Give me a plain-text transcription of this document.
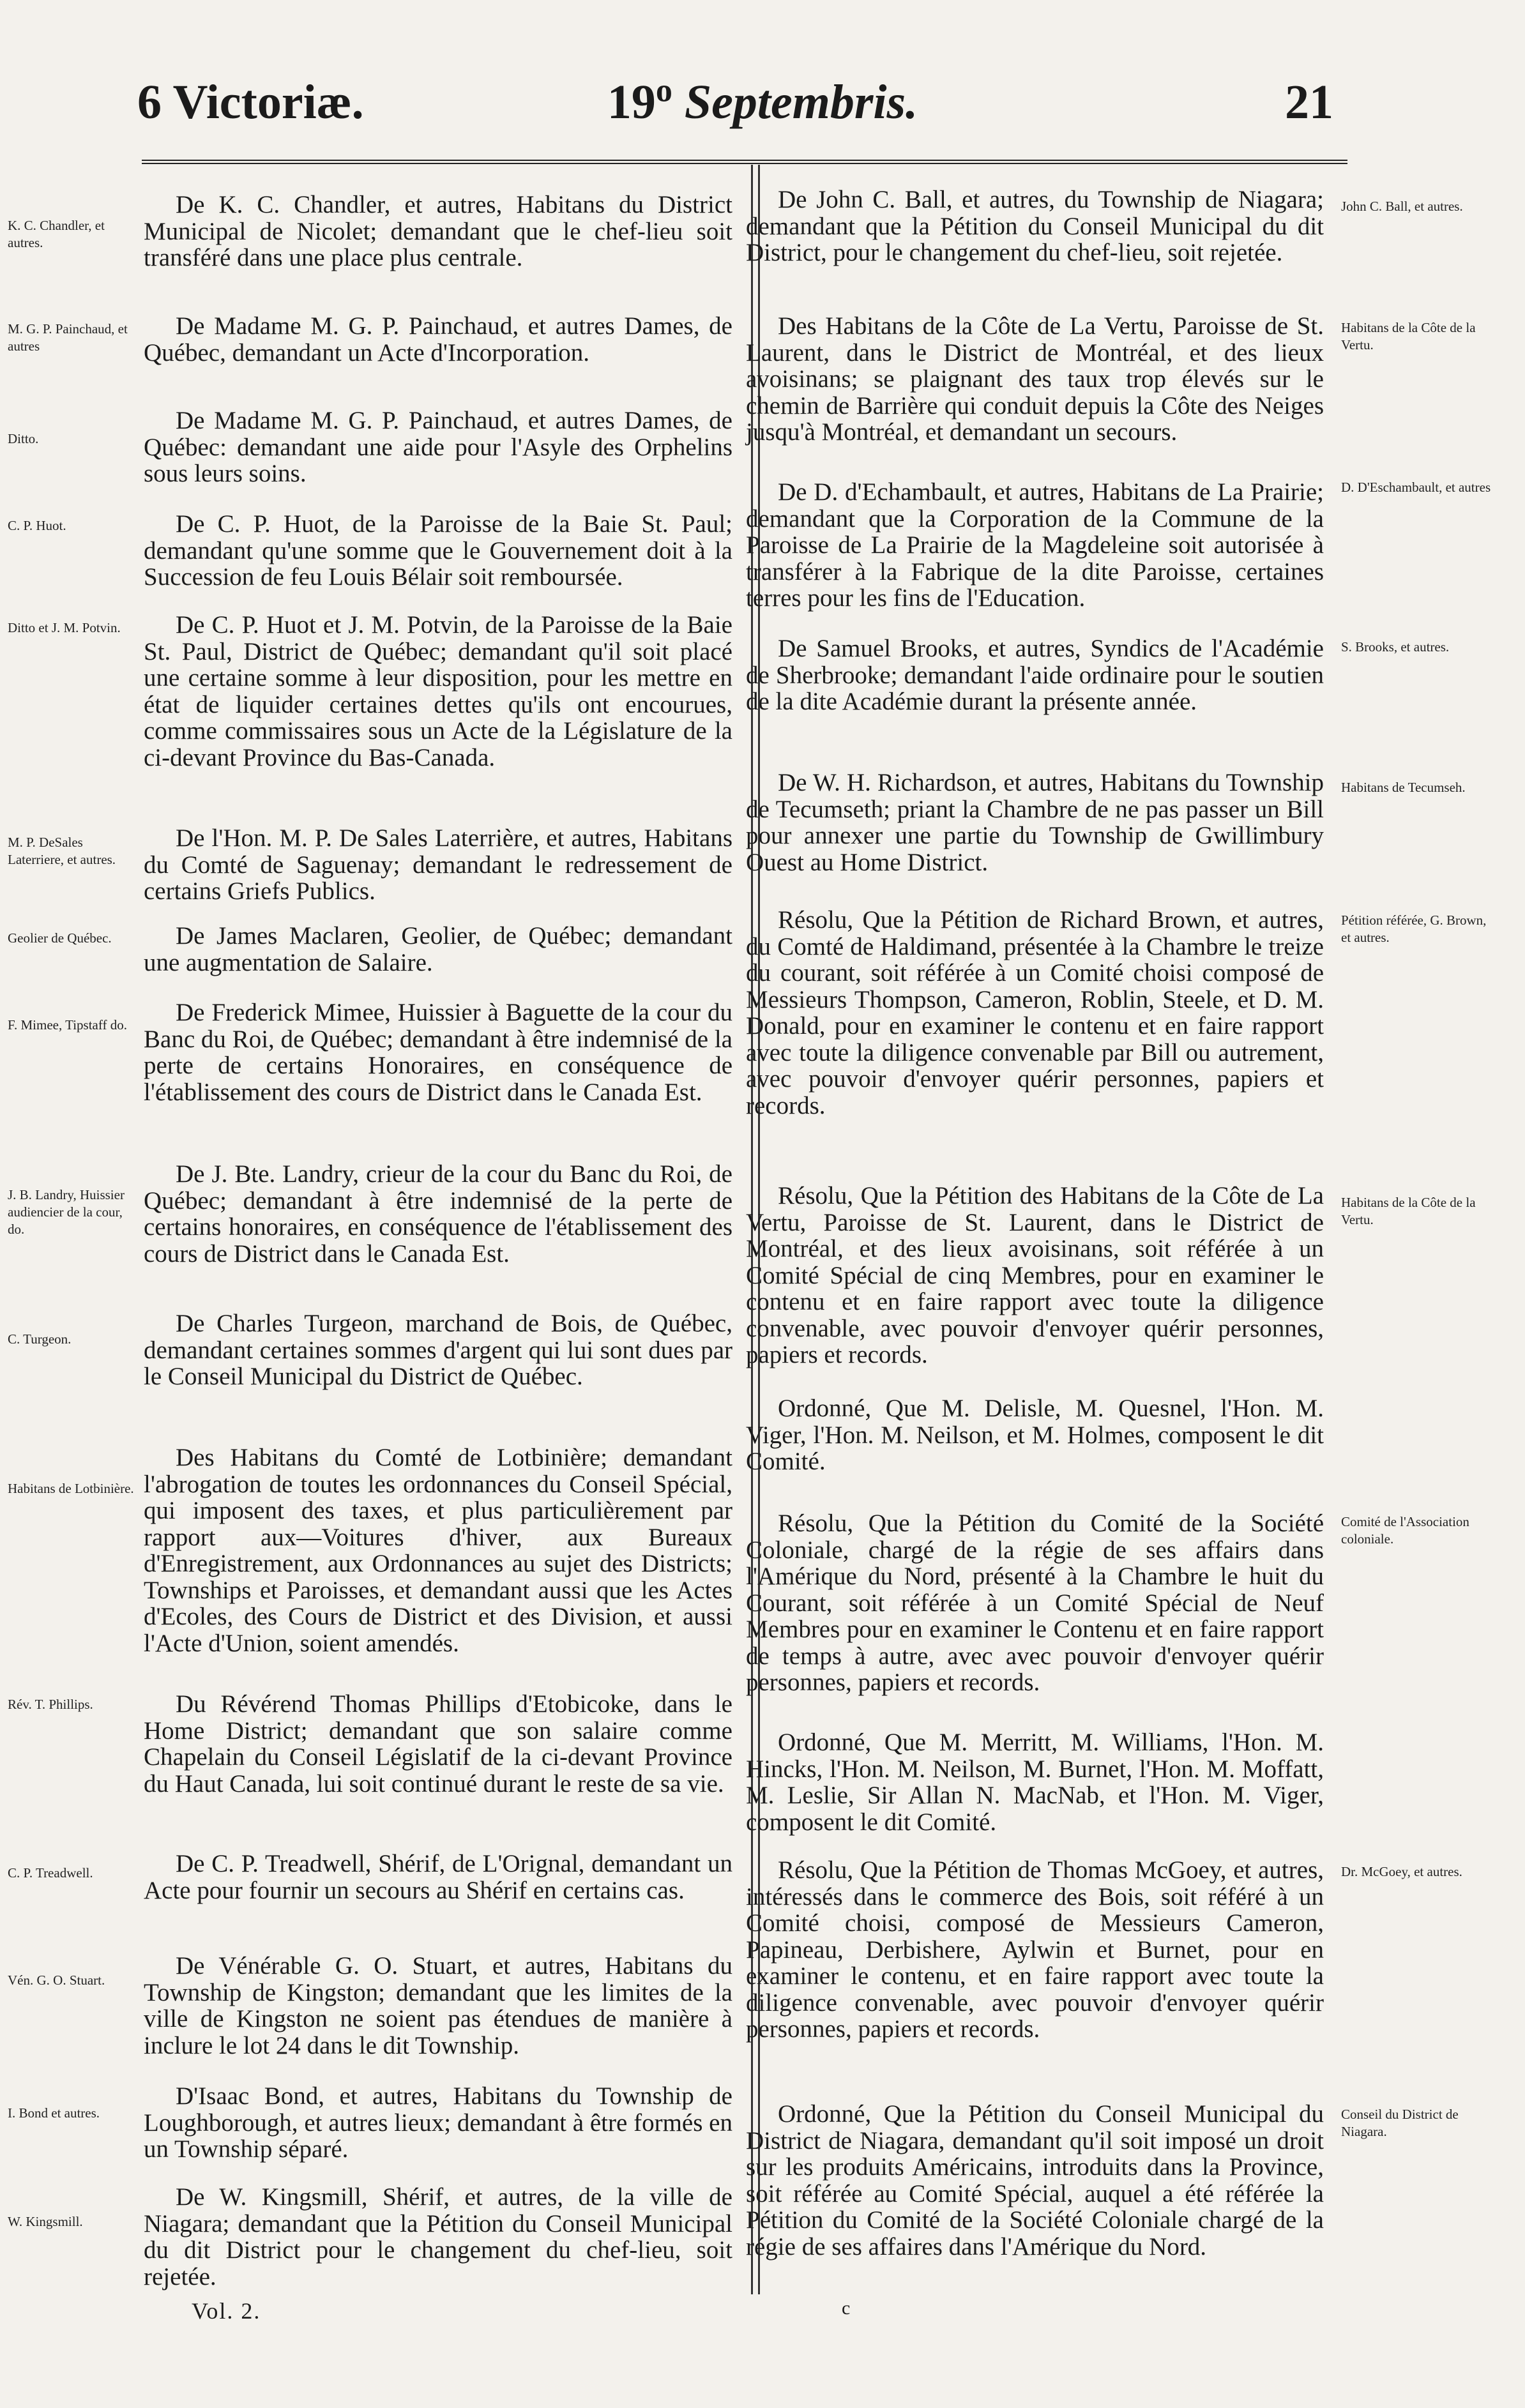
19$^o$ Septembris.
6 Victoriæ.	21
K. C. Chandler, et autres.

De K. C. Chandler, et autres, Habitans du District Municipal de Nicolet; demandant que le chef-lieu soit transféré dans une place plus centrale.

M. G. P. Painchaud, et autres

De Madame M. G. P. Painchaud, et autres Dames, de Québec, demandant un Acte d'Incorporation.

Ditto.

De Madame M. G. P. Painchaud, et autres Dames, de Québec: demandant une aide pour l'Asyle des Orphelins sous leurs soins.

C. P. Huot.	De C. P. Huot, de la Paroisse de la Baie St. Paul; demandant qu'une somme que le Gouvernement doit à la Succession de feu Louis Bélair soit remboursée.

Ditto et J. M. Potvin.	De C. P. Huot et J. M. Potvin, de la Paroisse de la Baie St. Paul, District de Québec; demandant qu'il soit placé une certaine somme à leur disposition, pour les mettre en état de liquider certaines dettes qu'ils ont encourues, comme commissaires sous un Acte de la Législature de la ci-devant Province du Bas-Canada.

M. P. DeSales Laterriere, et autres.

De l'Hon. M. P. De Sales Laterrière, et autres, Habitans du Comté de Saguenay; demandant le redressement de certains Griefs Publics.

Geolier de Québec.	De James Maclaren, Geolier, de Québec; demandant une augmentation de Salaire.

F. Mimee, Tipstaff do.	De Frederick Mimee, Huissier à Baguette de la cour du Banc du Roi, de Québec; demandant à être indemnisé de la perte de certains Honoraires, en conséquence de l'établissement des cours de District dans le Canada Est.

J. B. Landry, Huissier audiencier de la cour, do.

De J. Bte. Landry, crieur de la cour du Banc du Roi, de Québec; demandant à être indemnisé de la perte de certains honoraires, en conséquence de l'établissement des cours de District dans le Canada Est.

C. Turgeon.

De Charles Turgeon, marchand de Bois, de Québec, demandant certaines sommes d'argent qui lui sont dues par le Conseil Municipal du District de Québec.

Habitans de Lotbinière.

Des Habitans du Comté de Lotbinière; demandant l'abrogation de toutes les ordonnances du Conseil Spécial, qui imposent des taxes, et plus particulièrement par rapport aux—Voitures d'hiver, aux Bureaux d'Enregistrement, aux Ordonnances au sujet des Districts; Townships et Paroisses, et demandant aussi que les Actes d'Ecoles, des Cours de District et des Division, et aussi l'Acte d'Union, soient amendés.

Rév. T. Phillips.	Du Révérend Thomas Phillips d'Etobicoke, dans le Home District; demandant que son salaire comme Chapelain du Conseil Législatif de la ci-devant Province du Haut Canada, lui soit continué durant le reste de sa vie.

C. P. Treadwell.	De C. P. Treadwell, Shérif, de L'Orignal, demandant un Acte pour fournir un secours au Shérif en certains cas.

Vén. G. O. Stuart.

De Vénérable G. O. Stuart, et autres, Habitans du Township de Kingston; demandant que les limites de la ville de Kingston ne soient pas étendues de manière à inclure le lot 24 dans le dit Township.

I. Bond et autres.

D'Isaac Bond, et autres, Habitans du Township de Loughborough, et autres lieux; demandant à être formés en un Township séparé.

W. Kingsmill.

De W. Kingsmill, Shérif, et autres, de la ville de Niagara; demandant que la Pétition du Conseil Municipal du dit District pour le changement du chef-lieu, soit rejetée.

John C. Ball, et autres.

De John C. Ball, et autres, du Township de Niagara; demandant que la Pétition du Conseil Municipal du dit District, pour le changement du chef-lieu, soit rejetée.

Habitans de la Côte de la Vertu.

Des Habitans de la Côte de La Vertu, Paroisse de St. Laurent, dans le District de Montréal, et des lieux avoisinans; se plaignant des taux trop élevés sur le chemin de Barrière qui conduit depuis la Côte des Neiges jusqu'à Montréal, et demandant un secours.

D. D'Eschambault, et autres

De D. d'Echambault, et autres, Habitans de La Prairie; demandant que la Corporation de la Commune de la Paroisse de La Prairie de la Magdeleine soit autorisée à transférer à la Fabrique de la dite Paroisse, certaines terres pour les fins de l'Education.

S. Brooks, et autres.

De Samuel Brooks, et autres, Syndics de l'Académie de Sherbrooke; demandant l'aide ordinaire pour le soutien de la dite Académie durant la présente année.

Habitans de Tecumseh.

De W. H. Richardson, et autres, Habitans du Township de Tecumseth; priant la Chambre de ne pas passer un Bill pour annexer une partie du Township de Gwillimbury Ouest au Home District.

Pétition référée, G. Brown, et autres.

Résolu, Que la Pétition de Richard Brown, et autres, du Comté de Haldimand, présentée à la Chambre le treize du courant, soit référée à un Comité choisi composé de Messieurs Thompson, Cameron, Roblin, Steele, et D. M. Donald, pour en examiner le contenu et en faire rapport avec toute la diligence convenable par Bill ou autrement, avec pouvoir d'envoyer quérir personnes, papiers et records.

Habitans de la Côte de la Vertu.

Résolu, Que la Pétition des Habitans de la Côte de La Vertu, Paroisse de St. Laurent, dans le District de Montréal, et des lieux avoisinans, soit référée à un Comité Spécial de cinq Membres, pour en examiner le contenu et en faire rapport avec toute la diligence convenable, avec pouvoir d'envoyer quérir personnes, papiers et records.

Ordonné, Que M. Delisle, M. Quesnel, l'Hon. M. Viger, l'Hon. M. Neilson, et M. Holmes, composent le dit Comité.

Comité de l'Association coloniale.

Résolu, Que la Pétition du Comité de la Société Coloniale, chargé de la régie de ses affairs dans l'Amérique du Nord, présenté à la Chambre le huit du Courant, soit référée à un Comité Spécial de Neuf Membres pour en examiner le Contenu et en faire rapport de temps à autre, avec avec pouvoir d'envoyer quérir personnes, papiers et records.

Ordonné, Que M. Merritt, M. Williams, l'Hon. M. Hincks, l'Hon. M. Neilson, M. Burnet, l'Hon. M. Moffatt, M. Leslie, Sir Allan N. MacNab, et l'Hon. M. Viger, composent le dit Comité.

Dr. McGoey, et autres.

Résolu, Que la Pétition de Thomas McGoey, et autres, intéressés dans le commerce des Bois, soit référé à un Comité choisi, composé de Messieurs Cameron, Papineau, Derbishere, Aylwin et Burnet, pour en examiner le contenu, et en faire rapport avec toute la diligence convenable, avec pouvoir d'envoyer quérir personnes, papiers et records.

Conseil du District de Niagara.

Ordonné, Que la Pétition du Conseil Municipal du District de Niagara, demandant qu'il soit imposé un droit sur les produits Américains, introduits dans la Province, soit référée au Comité Spécial, auquel a été référée la Pétition du Comité de la Société Coloniale chargé de la régie de ses affaires dans l'Amérique du Nord.

Vol. 2.	c
